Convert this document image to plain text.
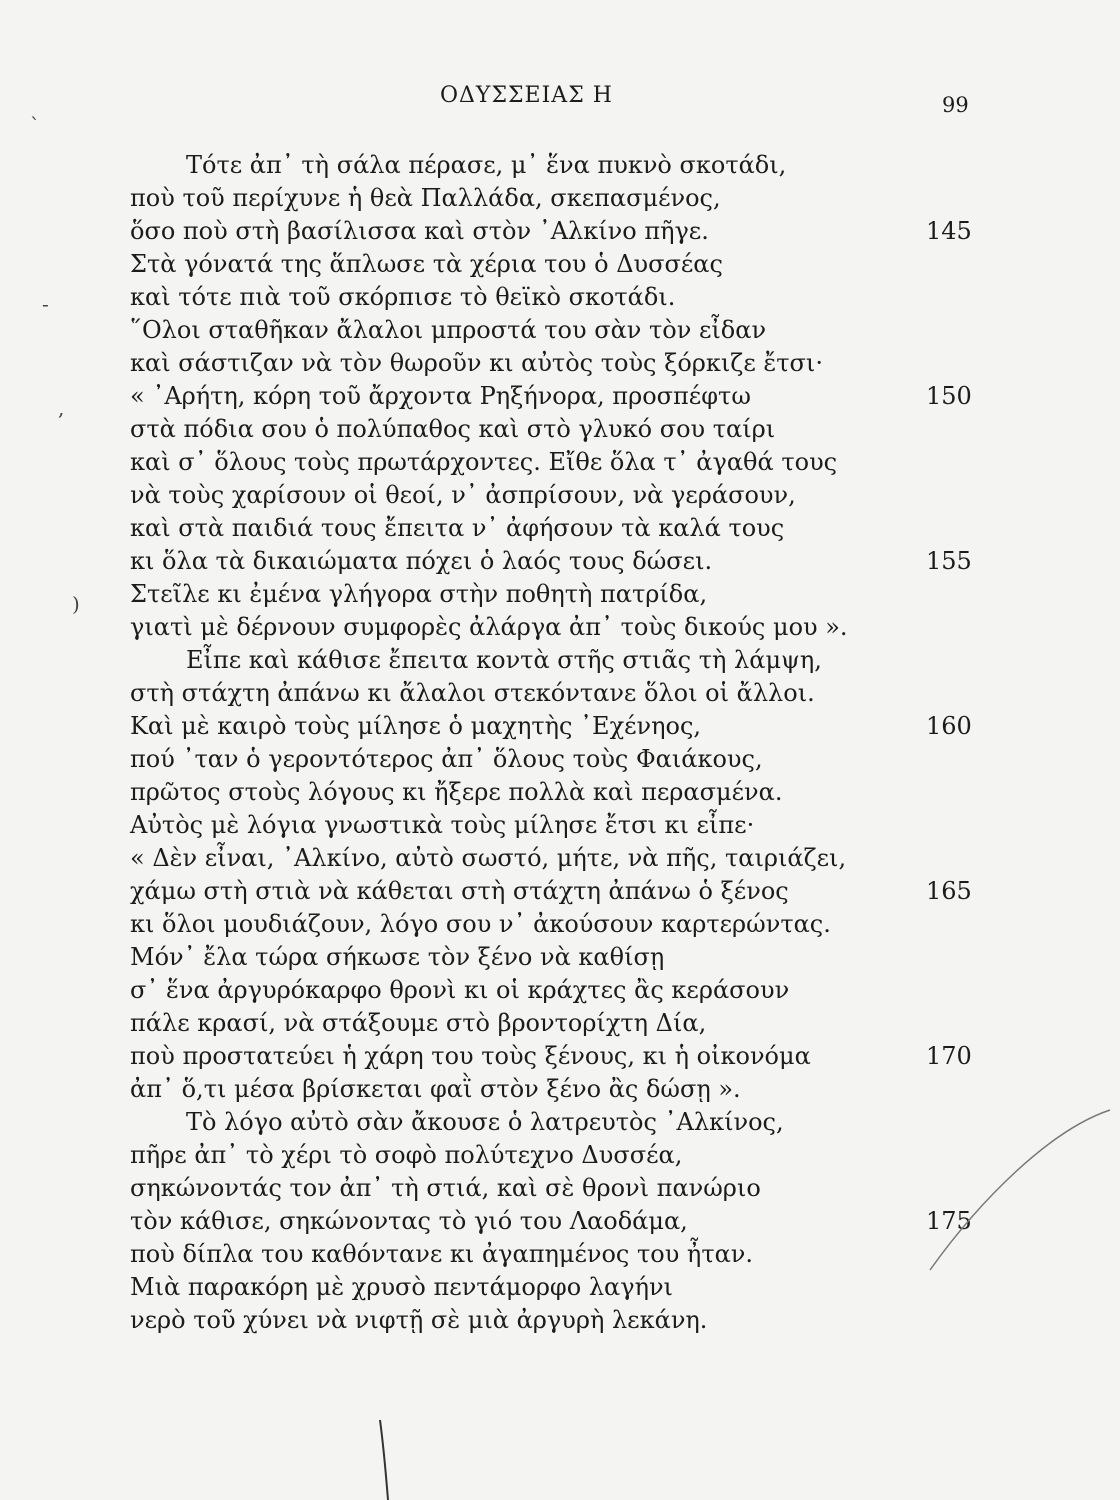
ΟΔΥΣΣΕΙΑΣ Η	99
Τότε ἀπ᾽ τὴ σάλα πέρασε, μ᾽ ἕνα πυκνὸ σκοτάδι,
ποὺ τοῦ περίχυνε ἡ θεὰ Παλλάδα, σκεπασμένος,
ὅσο ποὺ στὴ βασίλισσα καὶ στὸν ᾽Αλκίνο πῆγε.	145
Στὰ γόνατά της ἅπλωσε τὰ χέρια του ὁ Δυσσέας
καὶ τότε πιὰ τοῦ σκόρπισε τὸ θεϊκὸ σκοτάδι.
῞Ολοι σταθῆκαν ἄλαλοι μπροστά του σὰν τὸν εἶδαν
καὶ σάστιζαν νὰ τὸν θωροῦν κι αὐτὸς τοὺς ξόρκιζε ἔτσι·
« ᾽Αρήτη, κόρη τοῦ ἄρχοντα Ρηξήνορα, προσπέφτω	150
στὰ πόδια σου ὁ πολύπαθος καὶ στὸ γλυκό σου ταίρι
καὶ σ᾽ ὅλους τοὺς πρωτάρχοντες. Εἴθε ὅλα τ᾽ ἀγαθά τους
νὰ τοὺς χαρίσουν οἱ θεοί, ν᾽ ἀσπρίσουν, νὰ γεράσουν,
καὶ στὰ παιδιά τους ἔπειτα ν᾽ ἀφήσουν τὰ καλά τους
κι ὅλα τὰ δικαιώματα πόχει ὁ λαός τους δώσει.	155
Στεῖλε κι ἐμένα γλήγορα στὴν ποθητὴ πατρίδα,
γιατὶ μὲ δέρνουν συμφορὲς ἀλάργα ἀπ᾽ τοὺς δικούς μου ».
Εἶπε καὶ κάθισε ἔπειτα κοντὰ στῆς στιᾶς τὴ λάμψη,
στὴ στάχτη ἀπάνω κι ἄλαλοι στεκόντανε ὅλοι οἱ ἄλλοι.
Καὶ μὲ καιρὸ τοὺς μίλησε ὁ μαχητὴς ᾽Εχένηος,	160
πού ᾽ταν ὁ γεροντότερος ἀπ᾽ ὅλους τοὺς Φαιάκους,
πρῶτος στοὺς λόγους κι ἤξερε πολλὰ καὶ περασμένα.
Αὐτὸς μὲ λόγια γνωστικὰ τοὺς μίλησε ἔτσι κι εἶπε·
« Δὲν εἶναι, ᾽Αλκίνο, αὐτὸ σωστό, μήτε, νὰ πῆς, ταιριάζει,
χάμω στὴ στιὰ νὰ κάθεται στὴ στάχτη ἀπάνω ὁ ξένος	165
κι ὅλοι μουδιάζουν, λόγο σου ν᾽ ἀκούσουν καρτερώντας.
Μόν᾽ ἔλα τώρα σήκωσε τὸν ξένο νὰ καθίσῃ
σ᾽ ἕνα ἀργυρόκαρφο θρονὶ κι οἱ κράχτες ἂς κεράσουν
πάλε κρασί, νὰ στάξουμε στὸ βροντορίχτη Δία,
ποὺ προστατεύει ἡ χάρη του τοὺς ξένους, κι ἡ οἰκονόμα	170
ἀπ᾽ ὅ,τι μέσα βρίσκεται φαῒ στὸν ξένο ἂς δώσῃ ».
Τὸ λόγο αὐτὸ σὰν ἄκουσε ὁ λατρευτὸς ᾽Αλκίνος,
πῆρε ἀπ᾽ τὸ χέρι τὸ σοφὸ πολύτεχνο Δυσσέα,
σηκώνοντάς τον ἀπ᾽ τὴ στιά, καὶ σὲ θρονὶ πανώριο
τὸν κάθισε, σηκώνοντας τὸ γιό του Λαοδάμα,	175
ποὺ δίπλα του καθόντανε κι ἀγαπημένος του ἦταν.
Μιὰ παρακόρη μὲ χρυσὸ πεντάμορφο λαγήνι
νερὸ τοῦ χύνει νὰ νιφτῇ σὲ μιὰ ἀργυρὴ λεκάνη.
`
-
,
)
